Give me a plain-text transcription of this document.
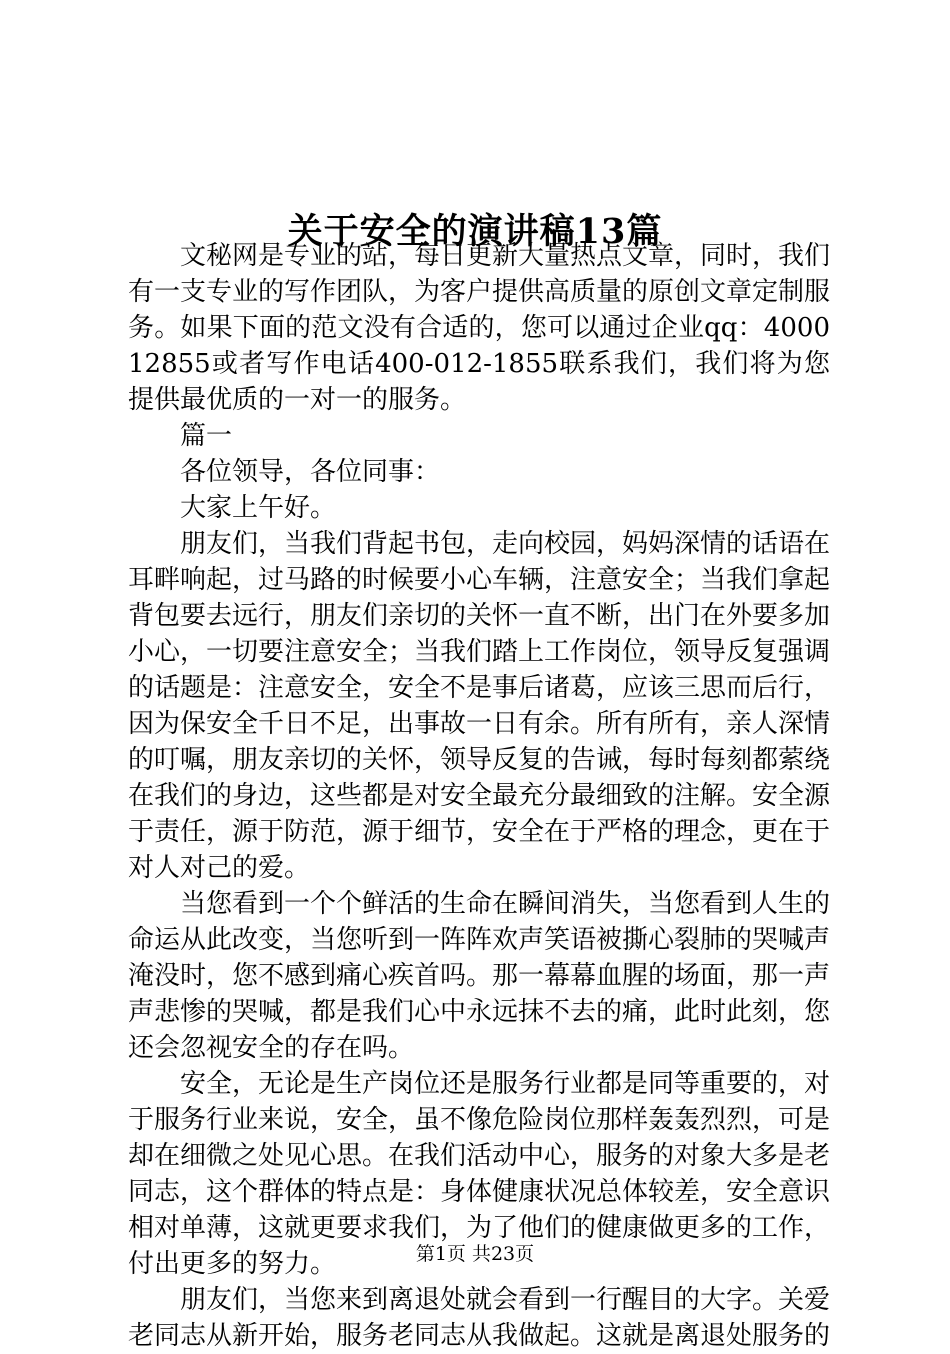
关于安全的演讲稿13篇

文秘网是专业的站，每日更新大量热点文章，同时，我们有一支专业的写作团队，为客户提供高质量的原创文章定制服务。如果下面的范文没有合适的，您可以通过企业qq：400012855或者写作电话400-012-1855联系我们，我们将为您提供最优质的一对一的服务。

篇一

各位领导，各位同事：

大家上午好。

朋友们，当我们背起书包，走向校园，妈妈深情的话语在耳畔响起，过马路的时候要小心车辆，注意安全；当我们拿起背包要去远行，朋友们亲切的关怀一直不断，出门在外要多加小心，一切要注意安全；当我们踏上工作岗位，领导反复强调的话题是：注意安全，安全不是事后诸葛，应该三思而后行，因为保安全千日不足，出事故一日有余。所有所有，亲人深情的叮嘱，朋友亲切的关怀，领导反复的告诫，每时每刻都萦绕在我们的身边，这些都是对安全最充分最细致的注解。安全源于责任，源于防范，源于细节，安全在于严格的理念，更在于对人对己的爱。

当您看到一个个鲜活的生命在瞬间消失，当您看到人生的命运从此改变，当您听到一阵阵欢声笑语被撕心裂肺的哭喊声淹没时，您不感到痛心疾首吗。那一幕幕血腥的场面，那一声声悲惨的哭喊，都是我们心中永远抹不去的痛，此时此刻，您还会忽视安全的存在吗。

安全，无论是生产岗位还是服务行业都是同等重要的，对于服务行业来说，安全，虽不像危险岗位那样轰轰烈烈，可是却在细微之处见心思。在我们活动中心，服务的对象大多是老同志，这个群体的特点是：身体健康状况总体较差，安全意识相对单薄，这就更要求我们，为了他们的健康做更多的工作，付出更多的努力。

朋友们，当您来到离退处就会看到一行醒目的大字。关爱老同志从新开始，服务老同志从我做起。这就是离退处服务的

第1页 共23页
